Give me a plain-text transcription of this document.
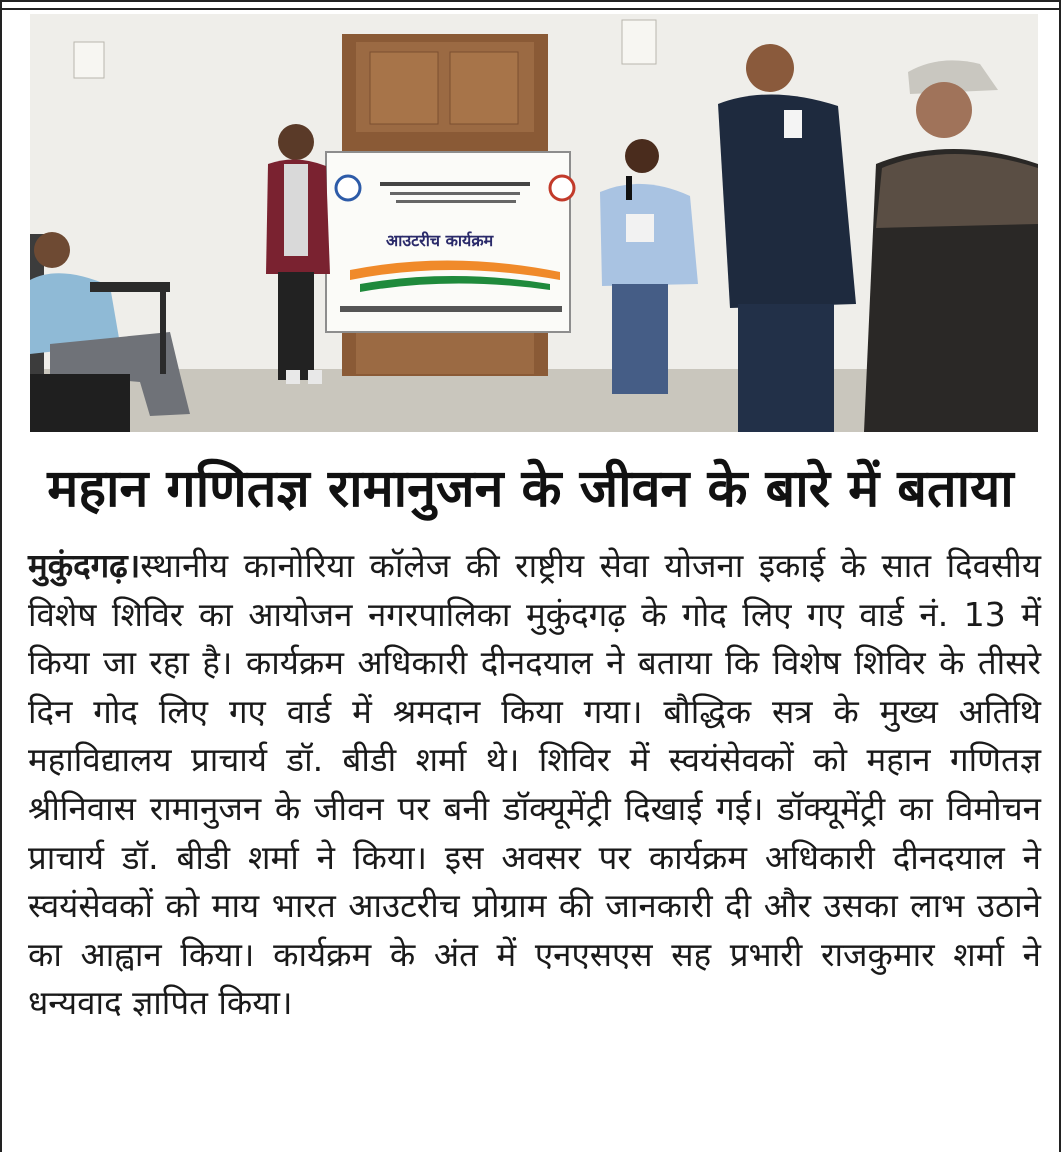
आउटरीच कार्यक्रम
महान गणितज्ञ रामानुजन के जीवन के बारे में बताया
मुकुंदगढ़।स्थानीय कानोरिया कॉलेज की राष्ट्रीय सेवा योजना इकाई के सात दिवसीय विशेष शिविर का आयोजन नगरपालिका मुकुंदगढ़ के गोद लिए गए वार्ड नं. 13 में किया जा रहा है। कार्यक्रम अधिकारी दीनदयाल ने बताया कि विशेष शिविर के तीसरे दिन गोद लिए गए वार्ड में श्रमदान किया गया। बौद्धिक सत्र के मुख्य अतिथि महाविद्यालय प्राचार्य डॉ. बीडी शर्मा थे। शिविर में स्वयंसेवकों को महान गणितज्ञ श्रीनिवास रामानुजन के जीवन पर बनी डॉक्यूमेंट्री दिखाई गई। डॉक्यूमेंट्री का विमोचन प्राचार्य डॉ. बीडी शर्मा ने किया। इस अवसर पर कार्यक्रम अधिकारी दीनदयाल ने स्वयंसेवकों को माय भारत आउटरीच प्रोग्राम की जानकारी दी और उसका लाभ उठाने का आह्वान किया। कार्यक्रम के अंत में एनएसएस सह प्रभारी राजकुमार शर्मा ने धन्यवाद ज्ञापित किया।
